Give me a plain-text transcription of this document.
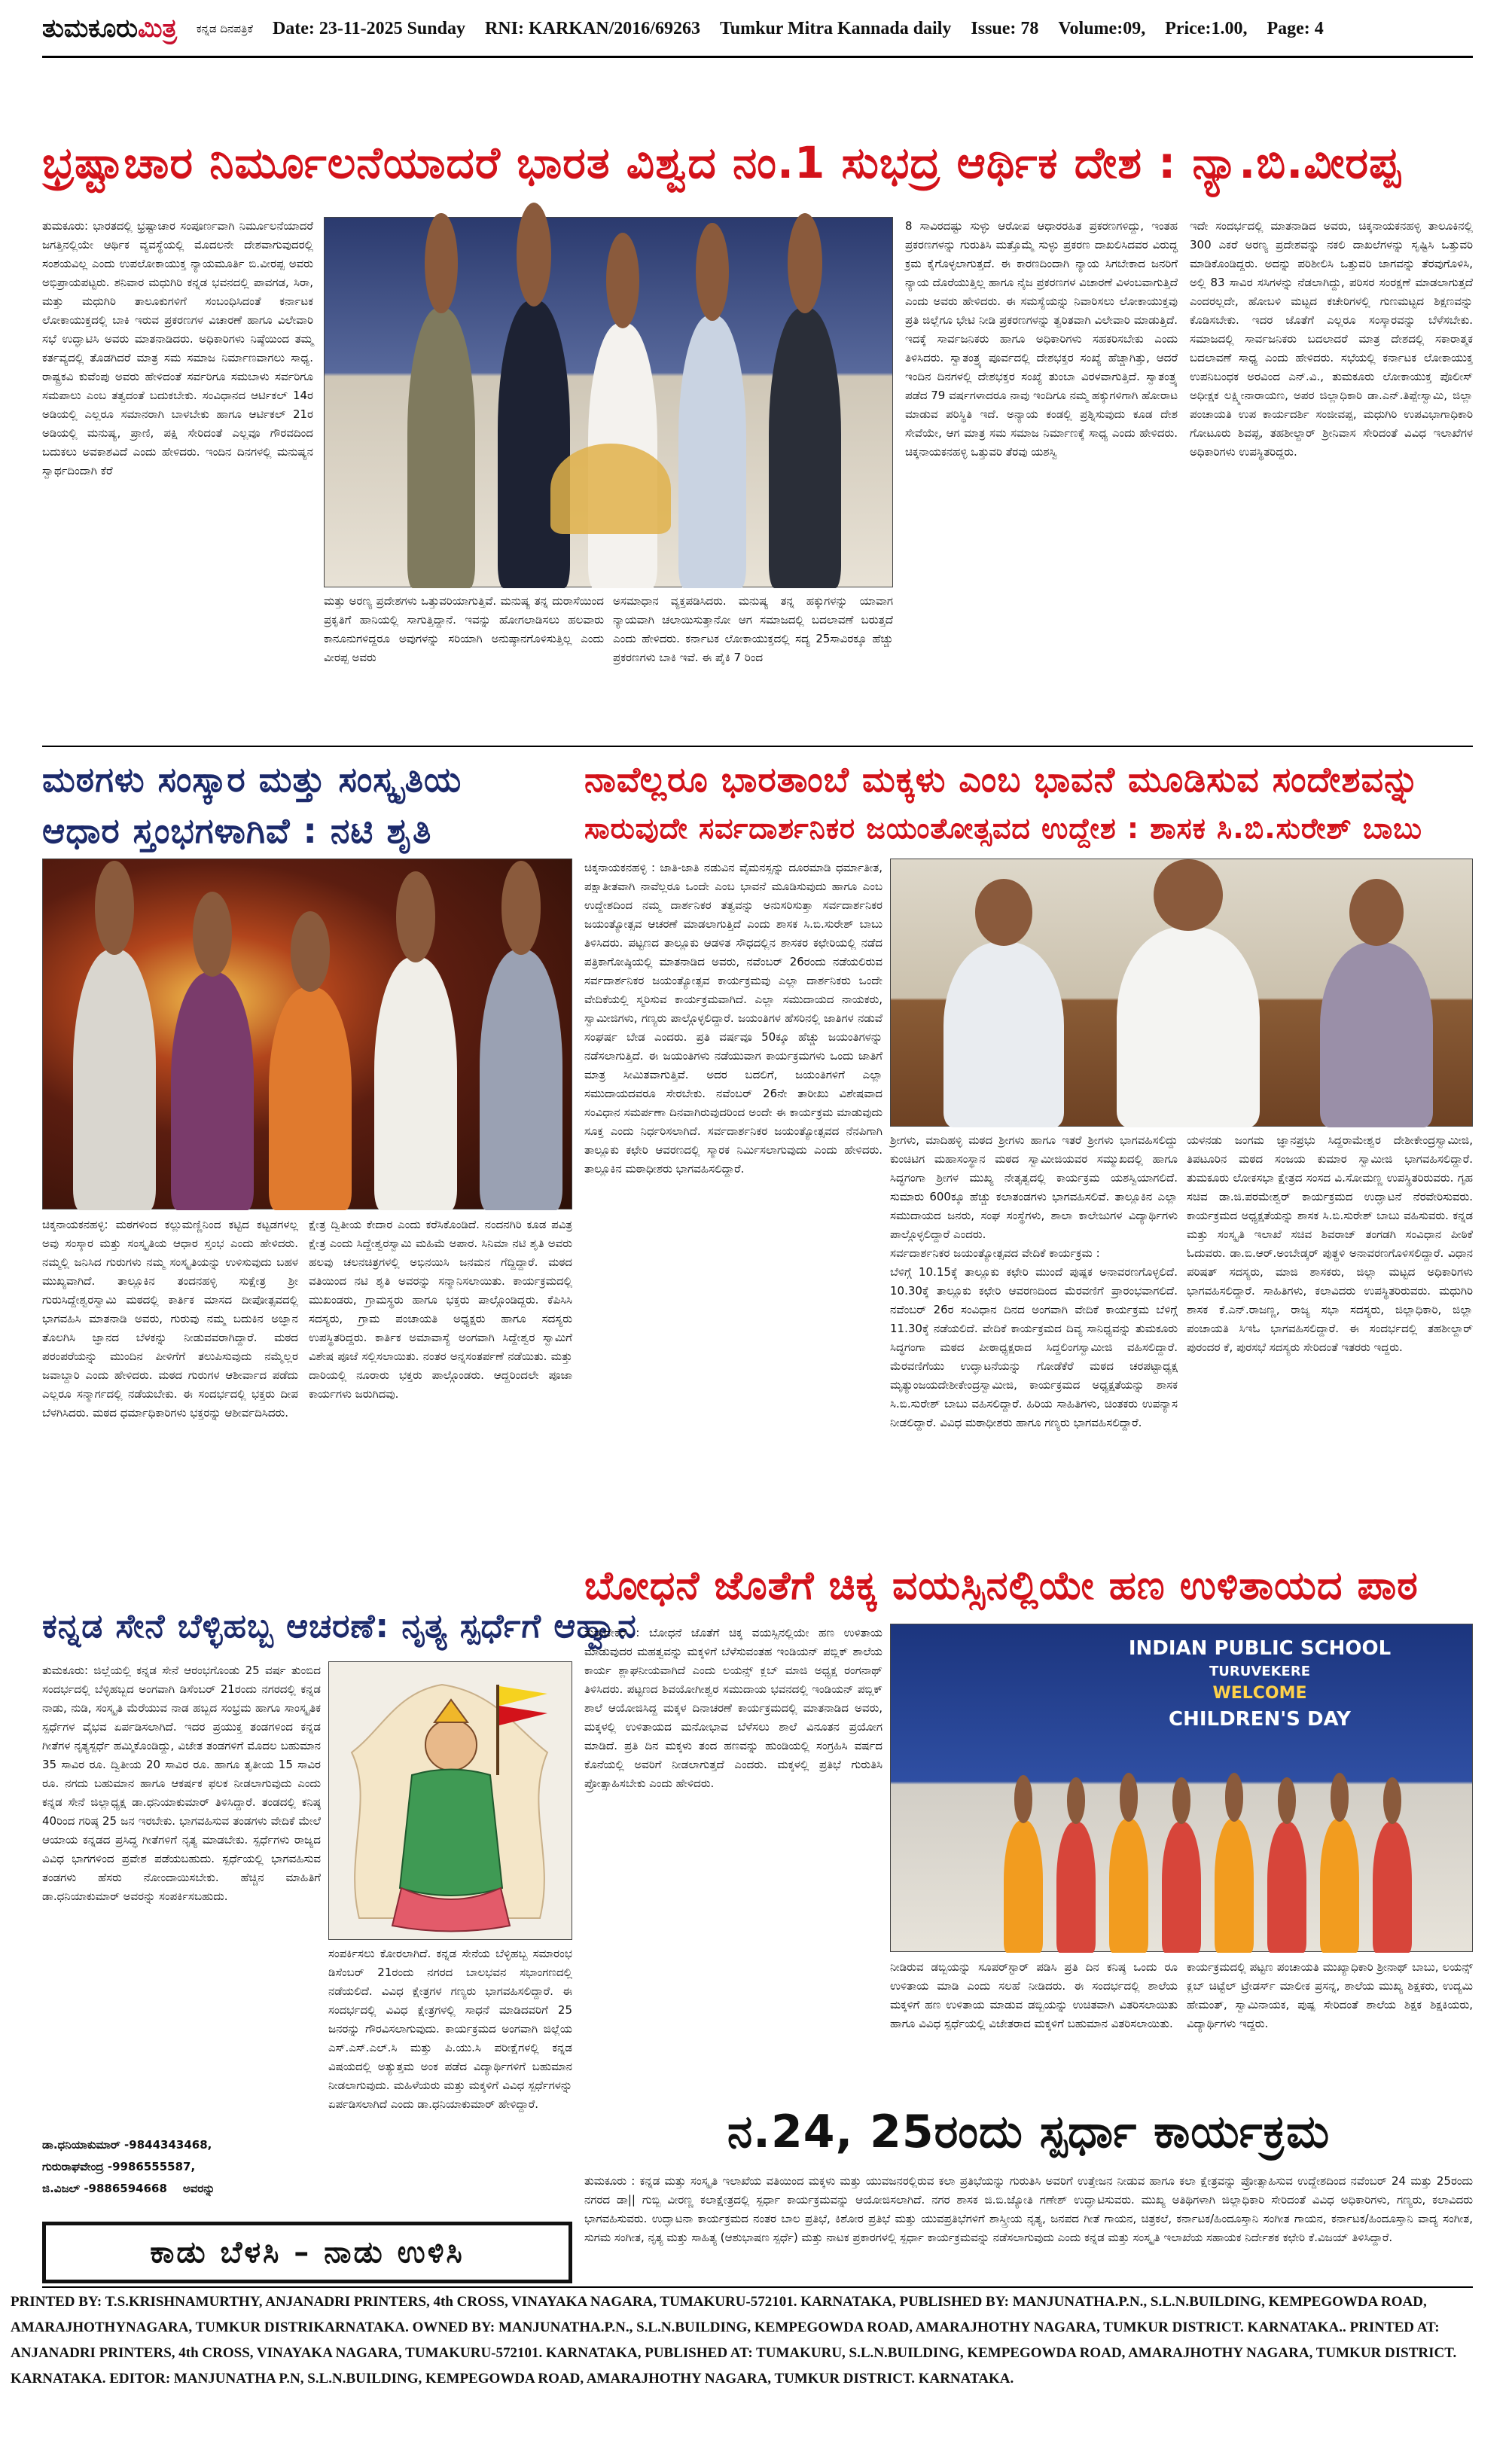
ತುಮಕೂರುಮಿತ್ರ ಕನ್ನಡ ದಿನಪತ್ರಿಕೆ Date: 23-11-2025 Sunday RNI: KARKAN/2016/69263 Tumkur Mitra Kannada daily Issue: 78 Volume:09, Price:1.00, Page: 4
ಭ್ರಷ್ಟಾಚಾರ ನಿರ್ಮೂಲನೆಯಾದರೆ ಭಾರತ ವಿಶ್ವದ ನಂ.1 ಸುಭದ್ರ ಆರ್ಥಿಕ ದೇಶ : ನ್ಯಾ.ಬಿ.ವೀರಪ್ಪ
ತುಮಕೂರು: ಭಾರತದಲ್ಲಿ ಭ್ರಷ್ಟಾಚಾರ ಸಂಪೂರ್ಣವಾಗಿ ನಿರ್ಮೂಲನೆಯಾದರೆ ಜಗತ್ತಿನಲ್ಲಿಯೇ ಆರ್ಥಿಕ ವ್ಯವಸ್ಥೆಯಲ್ಲಿ ಮೊದಲನೇ ದೇಶವಾಗುವುದರಲ್ಲಿ ಸಂಶಯವಿಲ್ಲ ಎಂದು ಉಪಲೋಕಾಯುಕ್ತ ನ್ಯಾಯಮೂರ್ತಿ ಬಿ.ವೀರಪ್ಪ ಅವರು ಅಭಿಪ್ರಾಯಪಟ್ಟರು. ಶನಿವಾರ ಮಧುಗಿರಿ ಕನ್ನಡ ಭವನದಲ್ಲಿ ಪಾವಗಡ, ಸಿರಾ, ಮತ್ತು ಮಧುಗಿರಿ ತಾಲೂಕುಗಳಿಗೆ ಸಂಬಂಧಿಸಿದಂತೆ ಕರ್ನಾಟಕ ಲೋಕಾಯುಕ್ತದಲ್ಲಿ ಬಾಕಿ ಇರುವ ಪ್ರಕರಣಗಳ ವಿಚಾರಣೆ ಹಾಗೂ ವಿಲೇವಾರಿ ಸಭೆ ಉದ್ಘಾಟಿಸಿ ಅವರು ಮಾತನಾಡಿದರು. ಅಧಿಕಾರಿಗಳು ನಿಷ್ಠೆಯಿಂದ ತಮ್ಮ ಕರ್ತವ್ಯದಲ್ಲಿ ತೊಡಗಿದರೆ ಮಾತ್ರ ಸಮ ಸಮಾಜ ನಿರ್ಮಾಣವಾಗಲು ಸಾಧ್ಯ. ರಾಷ್ಟ್ರಕವಿ ಕುವೆಂಪು ಅವರು ಹೇಳಿದಂತೆ ಸರ್ವರಿಗೂ ಸಮಬಾಳು ಸರ್ವರಿಗೂ ಸಮಪಾಲು ಎಂಬ ತತ್ವದಂತೆ ಬದುಕಬೇಕು. ಸಂವಿಧಾನದ ಆರ್ಟಿಕಲ್ 14ರ ಅಡಿಯಲ್ಲಿ ಎಲ್ಲರೂ ಸಮಾನರಾಗಿ ಬಾಳಬೇಕು ಹಾಗೂ ಆರ್ಟಿಕಲ್ 21ರ ಅಡಿಯಲ್ಲಿ ಮನುಷ್ಯ, ಪ್ರಾಣಿ, ಪಕ್ಷಿ ಸೇರಿದಂತೆ ಎಲ್ಲವೂ ಗೌರವದಿಂದ ಬದುಕಲು ಅವಕಾಶವಿದೆ ಎಂದು ಹೇಳಿದರು. ಇಂದಿನ ದಿನಗಳಲ್ಲಿ ಮನುಷ್ಯನ ಸ್ವಾರ್ಥದಿಂದಾಗಿ ಕೆರೆ
ಮತ್ತು ಅರಣ್ಯ ಪ್ರದೇಶಗಳು ಒತ್ತುವರಿಯಾಗುತ್ತಿವೆ. ಮನುಷ್ಯ ತನ್ನ ದುರಾಸೆಯಿಂದ ಪ್ರಕೃತಿಗೆ ಹಾನಿಯಲ್ಲಿ ಸಾಗುತ್ತಿದ್ದಾನೆ. ಇವನ್ನು ಹೋಗಲಾಡಿಸಲು ಹಲವಾರು ಕಾನೂನುಗಳಿದ್ದರೂ ಅವುಗಳನ್ನು ಸರಿಯಾಗಿ ಅನುಷ್ಠಾನಗೊಳಿಸುತ್ತಿಲ್ಲ ಎಂದು ವೀರಪ್ಪ ಅವರು
ಅಸಮಾಧಾನ ವ್ಯಕ್ತಪಡಿಸಿದರು. ಮನುಷ್ಯ ತನ್ನ ಹಕ್ಕುಗಳನ್ನು ಯಾವಾಗ ನ್ಯಾಯವಾಗಿ ಚಲಾಯಿಸುತ್ತಾನೋ ಆಗ ಸಮಾಜದಲ್ಲಿ ಬದಲಾವಣೆ ಬರುತ್ತದೆ ಎಂದು ಹೇಳಿದರು. ಕರ್ನಾಟಕ ಲೋಕಾಯುಕ್ತದಲ್ಲಿ ಸದ್ಯ 25ಸಾವಿರಕ್ಕೂ ಹೆಚ್ಚು ಪ್ರಕರಣಗಳು ಬಾಕಿ ಇವೆ. ಈ ಪೈಕಿ 7 ರಿಂದ
8 ಸಾವಿರದಷ್ಟು ಸುಳ್ಳು ಆರೋಪ ಆಧಾರರಹಿತ ಪ್ರಕರಣಗಳಿದ್ದು, ಇಂತಹ ಪ್ರಕರಣಗಳನ್ನು ಗುರುತಿಸಿ ಮತ್ತೊಮ್ಮೆ ಸುಳ್ಳು ಪ್ರಕರಣ ದಾಖಲಿಸಿದವರ ವಿರುದ್ಧ ಕ್ರಮ ಕೈಗೊಳ್ಳಲಾಗುತ್ತದೆ. ಈ ಕಾರಣದಿಂದಾಗಿ ನ್ಯಾಯ ಸಿಗಬೇಕಾದ ಜನರಿಗೆ ನ್ಯಾಯ ದೊರೆಯುತ್ತಿಲ್ಲ ಹಾಗೂ ನೈಜ ಪ್ರಕರಣಗಳ ವಿಚಾರಣೆ ವಿಳಂಬವಾಗುತ್ತಿದೆ ಎಂದು ಅವರು ಹೇಳಿದರು. ಈ ಸಮಸ್ಯೆಯನ್ನು ನಿವಾರಿಸಲು ಲೋಕಾಯುಕ್ತವು ಪ್ರತಿ ಜಿಲ್ಲೆಗೂ ಭೇಟಿ ನೀಡಿ ಪ್ರಕರಣಗಳನ್ನು ತ್ವರಿತವಾಗಿ ವಿಲೇವಾರಿ ಮಾಡುತ್ತಿದೆ. ಇದಕ್ಕೆ ಸಾರ್ವಜನಿಕರು ಹಾಗೂ ಅಧಿಕಾರಿಗಳು ಸಹಕರಿಸಬೇಕು ಎಂದು ತಿಳಿಸಿದರು. ಸ್ವಾತಂತ್ರ್ಯ ಪೂರ್ವದಲ್ಲಿ ದೇಶಭಕ್ತರ ಸಂಖ್ಯೆ ಹೆಚ್ಚಾಗಿತ್ತು, ಆದರೆ ಇಂದಿನ ದಿನಗಳಲ್ಲಿ ದೇಶಭಕ್ತರ ಸಂಖ್ಯೆ ತುಂಬಾ ವಿರಳವಾಗುತ್ತಿದೆ. ಸ್ವಾತಂತ್ರ್ಯ ಪಡೆದ 79 ವರ್ಷಗಳಾದರೂ ನಾವು ಇಂದಿಗೂ ನಮ್ಮ ಹಕ್ಕುಗಳಿಗಾಗಿ ಹೋರಾಟ ಮಾಡುವ ಪರಿಸ್ಥಿತಿ ಇದೆ. ಅನ್ಯಾಯ ಕಂಡಲ್ಲಿ ಪ್ರಶ್ನಿಸುವುದು ಕೂಡ ದೇಶ ಸೇವೆಯೇ, ಆಗ ಮಾತ್ರ ಸಮ ಸಮಾಜ ನಿರ್ಮಾಣಕ್ಕೆ ಸಾಧ್ಯ ಎಂದು ಹೇಳಿದರು. ಚಿಕ್ಕನಾಯಕನಹಳ್ಳಿ ಒತ್ತುವರಿ ತೆರವು ಯಶಸ್ವಿ
ಇದೇ ಸಂದರ್ಭದಲ್ಲಿ ಮಾತನಾಡಿದ ಅವರು, ಚಿಕ್ಕನಾಯಕನಹಳ್ಳಿ ತಾಲೂಕಿನಲ್ಲಿ 300 ಎಕರೆ ಅರಣ್ಯ ಪ್ರದೇಶವನ್ನು ನಕಲಿ ದಾಖಲೆಗಳನ್ನು ಸೃಷ್ಟಿಸಿ ಒತ್ತುವರಿ ಮಾಡಿಕೊಂಡಿದ್ದರು. ಅದನ್ನು ಪರಿಶೀಲಿಸಿ ಒತ್ತುವರಿ ಜಾಗವನ್ನು ತೆರವುಗೊಳಿಸಿ, ಅಲ್ಲಿ 83 ಸಾವಿರ ಸಸಿಗಳನ್ನು ನೆಡಲಾಗಿದ್ದು, ಪರಿಸರ ಸಂರಕ್ಷಣೆ ಮಾಡಲಾಗುತ್ತದೆ ಎಂದರಲ್ಲದೇ, ಹೋಬಳಿ ಮಟ್ಟದ ಕಚೇರಿಗಳಲ್ಲಿ ಗುಣಮಟ್ಟದ ಶಿಕ್ಷಣವನ್ನು ಕೊಡಿಸಬೇಕು. ಇದರ ಜೊತೆಗೆ ಎಲ್ಲರೂ ಸಂಸ್ಕಾರವನ್ನು ಬೆಳೆಸಬೇಕು. ಸಮಾಜದಲ್ಲಿ ಸಾರ್ವಜನಿಕರು ಬದಲಾದರೆ ಮಾತ್ರ ದೇಶದಲ್ಲಿ ಸಕಾರಾತ್ಮಕ ಬದಲಾವಣೆ ಸಾಧ್ಯ ಎಂದು ಹೇಳಿದರು. ಸಭೆಯಲ್ಲಿ ಕರ್ನಾಟಕ ಲೋಕಾಯುಕ್ತ ಉಪನಿಬಂಧಕ ಅರವಿಂದ ಎನ್.ವಿ., ತುಮಕೂರು ಲೋಕಾಯುಕ್ತ ಪೊಲೀಸ್ ಅಧೀಕ್ಷಕ ಲಕ್ಷ್ಮೀನಾರಾಯಣ, ಅಪರ ಜಿಲ್ಲಾಧಿಕಾರಿ ಡಾ.ಎನ್.ತಿಪ್ಪೇಸ್ವಾಮಿ, ಜಿಲ್ಲಾ ಪಂಚಾಯತಿ ಉಪ ಕಾರ್ಯದರ್ಶಿ ಸಂಜೀವಪ್ಪ, ಮಧುಗಿರಿ ಉಪವಿಭಾಗಾಧಿಕಾರಿ ಗೋಟೂರು ಶಿವಪ್ಪ, ತಹಶೀಲ್ದಾರ್ ಶ್ರೀನಿವಾಸ ಸೇರಿದಂತೆ ವಿವಿಧ ಇಲಾಖೆಗಳ ಅಧಿಕಾರಿಗಳು ಉಪಸ್ಥಿತರಿದ್ದರು.
ಮಠಗಳು ಸಂಸ್ಕಾರ ಮತ್ತು ಸಂಸ್ಕೃತಿಯ
ಆಧಾರ ಸ್ತಂಭಗಳಾಗಿವೆ : ನಟಿ ಶೃತಿ
ಚಿಕ್ಕನಾಯಕನಹಳ್ಳಿ: ಮಠಗಳಿಂದ ಕಲ್ಲುಮಣ್ಣಿನಿಂದ ಕಟ್ಟಿದ ಕಟ್ಟಡಗಳಲ್ಲ ಅವು ಸಂಸ್ಕಾರ ಮತ್ತು ಸಂಸ್ಕೃತಿಯ ಆಧಾರ ಸ್ತಂಭ ಎಂದು ಹೇಳಿದರು. ನಮ್ಮಲ್ಲಿ ಜನಿಸಿದ ಗುರುಗಳು ನಮ್ಮ ಸಂಸ್ಕೃತಿಯನ್ನು ಉಳಿಸುವುದು ಬಹಳ ಮುಖ್ಯವಾಗಿದೆ. ತಾಲ್ಲೂಕಿನ ತಂದನಹಳ್ಳಿ ಸುಕ್ಷೇತ್ರ ಶ್ರೀ ಗುರುಸಿದ್ದೇಶ್ವರಸ್ವಾಮಿ ಮಠದಲ್ಲಿ ಕಾರ್ತಿಕ ಮಾಸದ ದೀಪೋತ್ಸವದಲ್ಲಿ ಭಾಗವಹಿಸಿ ಮಾತನಾಡಿ ಅವರು, ಗುರುವು ನಮ್ಮ ಬದುಕಿನ ಅಜ್ಞಾನ ತೊಲಗಿಸಿ ಜ್ಞಾನದ ಬೆಳಕನ್ನು ನೀಡುವವರಾಗಿದ್ದಾರೆ. ಮಠದ ಪರಂಪರೆಯನ್ನು ಮುಂದಿನ ಪೀಳಿಗೆಗೆ ತಲುಪಿಸುವುದು ನಮ್ಮೆಲ್ಲರ ಜವಾಬ್ದಾರಿ ಎಂದು ಹೇಳಿದರು. ಮಠದ ಗುರುಗಳ ಆಶೀರ್ವಾದ ಪಡೆದು ಎಲ್ಲರೂ ಸನ್ಮಾರ್ಗದಲ್ಲಿ ನಡೆಯಬೇಕು. ಈ ಸಂದರ್ಭದಲ್ಲಿ ಭಕ್ತರು ದೀಪ ಬೆಳಗಿಸಿದರು. ಮಠದ ಧರ್ಮಾಧಿಕಾರಿಗಳು ಭಕ್ತರನ್ನು ಆಶೀರ್ವದಿಸಿದರು.
ಕ್ಷೇತ್ರ ದ್ವಿತೀಯ ಕೇದಾರ ಎಂದು ಕರೆಸಿಕೊಂಡಿದೆ. ನಂದನಗಿರಿ ಕೂಡ ಪವಿತ್ರ ಕ್ಷೇತ್ರ ಎಂದು ಸಿದ್ದೇಶ್ವರಸ್ವಾಮಿ ಮಹಿಮೆ ಅಪಾರ. ಸಿನಿಮಾ ನಟಿ ಶೃತಿ ಅವರು ಹಲವು ಚಲನಚಿತ್ರಗಳಲ್ಲಿ ಅಭಿನಯಿಸಿ ಜನಮನ ಗೆದ್ದಿದ್ದಾರೆ. ಮಠದ ವತಿಯಿಂದ ನಟಿ ಶೃತಿ ಅವರನ್ನು ಸನ್ಮಾನಿಸಲಾಯಿತು. ಕಾರ್ಯಕ್ರಮದಲ್ಲಿ ಮುಖಂಡರು, ಗ್ರಾಮಸ್ಥರು ಹಾಗೂ ಭಕ್ತರು ಪಾಲ್ಗೊಂಡಿದ್ದರು. ಕೆಪಿಸಿಸಿ ಸದಸ್ಯರು, ಗ್ರಾಮ ಪಂಚಾಯತಿ ಅಧ್ಯಕ್ಷರು ಹಾಗೂ ಸದಸ್ಯರು ಉಪಸ್ಥಿತರಿದ್ದರು. ಕಾರ್ತಿಕ ಅಮಾವಾಸ್ಯೆ ಅಂಗವಾಗಿ ಸಿದ್ದೇಶ್ವರ ಸ್ವಾಮಿಗೆ ವಿಶೇಷ ಪೂಜೆ ಸಲ್ಲಿಸಲಾಯಿತು. ನಂತರ ಅನ್ನಸಂತರ್ಪಣೆ ನಡೆಯಿತು. ಮತ್ತು ದಾರಿಯಲ್ಲಿ ನೂರಾರು ಭಕ್ತರು ಪಾಲ್ಗೊಂಡರು. ಆದ್ದರಿಂದಲೇ ಪೂಜಾ ಕಾರ್ಯಗಳು ಜರುಗಿದವು.
ಕನ್ನಡ ಸೇನೆ ಬೆಳ್ಳಿಹಬ್ಬ ಆಚರಣೆ: ನೃತ್ಯ ಸ್ಪರ್ಧೆಗೆ ಆಹ್ವಾನ
ತುಮಕೂರು: ಜಿಲ್ಲೆಯಲ್ಲಿ ಕನ್ನಡ ಸೇನೆ ಆರಂಭಗೊಂಡು 25 ವರ್ಷ ತುಂಬಿದ ಸಂದರ್ಭದಲ್ಲಿ ಬೆಳ್ಳಿಹಬ್ಬದ ಅಂಗವಾಗಿ ಡಿಸೆಂಬರ್ 21ರಂದು ನಗರದಲ್ಲಿ ಕನ್ನಡ ನಾಡು, ನುಡಿ, ಸಂಸ್ಕೃತಿ ಮೆರೆಯುವ ನಾಡ ಹಬ್ಬದ ಸಂಭ್ರಮ ಹಾಗೂ ಸಾಂಸ್ಕೃತಿಕ ಸ್ಪರ್ಧೆಗಳ ವೈಭವ ಏರ್ಪಡಿಸಲಾಗಿದೆ. ಇದರ ಪ್ರಯುಕ್ತ ತಂಡಗಳಿಂದ ಕನ್ನಡ ಗೀತೆಗಳ ನೃತ್ಯಸ್ಪರ್ಧೆ ಹಮ್ಮಿಕೊಂಡಿದ್ದು, ವಿಜೇತ ತಂಡಗಳಿಗೆ ಮೊದಲ ಬಹುಮಾನ 35 ಸಾವಿರ ರೂ. ದ್ವಿತೀಯ 20 ಸಾವಿರ ರೂ. ಹಾಗೂ ತೃತೀಯ 15 ಸಾವಿರ ರೂ. ನಗದು ಬಹುಮಾನ ಹಾಗೂ ಆಕರ್ಷಕ ಫಲಕ ನೀಡಲಾಗುವುದು ಎಂದು ಕನ್ನಡ ಸೇನೆ ಜಿಲ್ಲಾಧ್ಯಕ್ಷ ಡಾ.ಧನಿಯಾಕುಮಾರ್ ತಿಳಿಸಿದ್ದಾರೆ. ತಂಡದಲ್ಲಿ ಕನಿಷ್ಠ 40ರಿಂದ ಗರಿಷ್ಠ 25 ಜನ ಇರಬೇಕು. ಭಾಗವಹಿಸುವ ತಂಡಗಳು ವೇದಿಕೆ ಮೇಲೆ ಆಯಾಯ ಕನ್ನಡದ ಪ್ರಸಿದ್ಧ ಗೀತೆಗಳಿಗೆ ನೃತ್ಯ ಮಾಡಬೇಕು. ಸ್ಪರ್ಧೆಗಳು ರಾಜ್ಯದ ವಿವಿಧ ಭಾಗಗಳಿಂದ ಪ್ರವೇಶ ಪಡೆಯಬಹುದು. ಸ್ಪರ್ಧೆಯಲ್ಲಿ ಭಾಗವಹಿಸುವ ತಂಡಗಳು ಹೆಸರು ನೋಂದಾಯಿಸಬೇಕು. ಹೆಚ್ಚಿನ ಮಾಹಿತಿಗೆ ಡಾ.ಧನಿಯಾಕುಮಾರ್ ಅವರನ್ನು ಸಂಪರ್ಕಿಸಬಹುದು.
ಡಾ.ಧನಿಯಾಕುಮಾರ್ -9844343468,
ಗುರುರಾಘವೇಂದ್ರ -9986555587,
ಜಿ.ವಿಜಲ್ -9886594668 ಅವರನ್ನು
ಸಂಪರ್ಕಿಸಲು ಕೋರಲಾಗಿದೆ. ಕನ್ನಡ ಸೇನೆಯ ಬೆಳ್ಳಿಹಬ್ಬ ಸಮಾರಂಭ ಡಿಸೆಂಬರ್ 21ರಂದು ನಗರದ ಬಾಲಭವನ ಸಭಾಂಗಣದಲ್ಲಿ ನಡೆಯಲಿದೆ. ವಿವಿಧ ಕ್ಷೇತ್ರಗಳ ಗಣ್ಯರು ಭಾಗವಹಿಸಲಿದ್ದಾರೆ. ಈ ಸಂದರ್ಭದಲ್ಲಿ ವಿವಿಧ ಕ್ಷೇತ್ರಗಳಲ್ಲಿ ಸಾಧನೆ ಮಾಡಿದವರಿಗೆ 25 ಜನರನ್ನು ಗೌರವಿಸಲಾಗುವುದು. ಕಾರ್ಯಕ್ರಮದ ಅಂಗವಾಗಿ ಜಿಲ್ಲೆಯ ಎಸ್.ಎಸ್.ಎಲ್.ಸಿ ಮತ್ತು ಪಿ.ಯು.ಸಿ ಪರೀಕ್ಷೆಗಳಲ್ಲಿ ಕನ್ನಡ ವಿಷಯದಲ್ಲಿ ಅತ್ಯುತ್ತಮ ಅಂಕ ಪಡೆದ ವಿದ್ಯಾರ್ಥಿಗಳಿಗೆ ಬಹುಮಾನ ನೀಡಲಾಗುವುದು. ಮಹಿಳೆಯರು ಮತ್ತು ಮಕ್ಕಳಿಗೆ ವಿವಿಧ ಸ್ಪರ್ಧೆಗಳನ್ನು ಏರ್ಪಡಿಸಲಾಗಿದೆ ಎಂದು ಡಾ.ಧನಿಯಾಕುಮಾರ್ ಹೇಳಿದ್ದಾರೆ.
ಕಾಡು ಬೆಳಸಿ – ನಾಡು ಉಳಿಸಿ
ನಾವೆಲ್ಲರೂ ಭಾರತಾಂಬೆ ಮಕ್ಕಳು ಎಂಬ ಭಾವನೆ ಮೂಡಿಸುವ ಸಂದೇಶವನ್ನು
ಸಾರುವುದೇ ಸರ್ವದಾರ್ಶನಿಕರ ಜಯಂತೋತ್ಸವದ ಉದ್ದೇಶ : ಶಾಸಕ ಸಿ.ಬಿ.ಸುರೇಶ್ ಬಾಬು
ಚಿಕ್ಕನಾಯಕನಹಳ್ಳಿ : ಜಾತಿ-ಜಾತಿ ನಡುವಿನ ವೈಮನಸ್ಸನ್ನು ದೂರಮಾಡಿ ಧರ್ಮಾತೀತ, ಪಕ್ಷಾತೀತವಾಗಿ ನಾವೆಲ್ಲರೂ ಒಂದೇ ಎಂಬ ಭಾವನೆ ಮೂಡಿಸುವುದು ಹಾಗೂ ಎಂಬ ಉದ್ದೇಶದಿಂದ ನಮ್ಮ ದಾರ್ಶನಿಕರ ತತ್ವವನ್ನು ಅನುಸರಿಸುತ್ತಾ ಸರ್ವದಾರ್ಶನಿಕರ ಜಯಂತ್ಯೋತ್ಸವ ಆಚರಣೆ ಮಾಡಲಾಗುತ್ತಿದೆ ಎಂದು ಶಾಸಕ ಸಿ.ಬಿ.ಸುರೇಶ್ ಬಾಬು ತಿಳಿಸಿದರು. ಪಟ್ಟಣದ ತಾಲ್ಲೂಕು ಆಡಳಿತ ಸೌಧದಲ್ಲಿನ ಶಾಸಕರ ಕಛೇರಿಯಲ್ಲಿ ನಡೆದ ಪತ್ರಿಕಾಗೋಷ್ಠಿಯಲ್ಲಿ ಮಾತನಾಡಿದ ಅವರು, ನವೆಂಬರ್ 26ರಂದು ನಡೆಯಲಿರುವ ಸರ್ವದಾರ್ಶನಿಕರ ಜಯಂತ್ಯೋತ್ಸವ ಕಾರ್ಯಕ್ರಮವು ಎಲ್ಲಾ ದಾರ್ಶನಿಕರು ಒಂದೇ ವೇದಿಕೆಯಲ್ಲಿ ಸ್ಮರಿಸುವ ಕಾರ್ಯಕ್ರಮವಾಗಿದೆ. ಎಲ್ಲಾ ಸಮುದಾಯದ ನಾಯಕರು, ಸ್ವಾಮೀಜಿಗಳು, ಗಣ್ಯರು ಪಾಲ್ಗೊಳ್ಳಲಿದ್ದಾರೆ. ಜಯಂತಿಗಳ ಹೆಸರಿನಲ್ಲಿ ಜಾತಿಗಳ ನಡುವೆ ಸಂಘರ್ಷ ಬೇಡ ಎಂದರು. ಪ್ರತಿ ವರ್ಷವೂ 50ಕ್ಕೂ ಹೆಚ್ಚು ಜಯಂತಿಗಳನ್ನು ನಡೆಸಲಾಗುತ್ತಿದೆ. ಈ ಜಯಂತಿಗಳು ನಡೆಯುವಾಗ ಕಾರ್ಯಕ್ರಮಗಳು ಒಂದು ಜಾತಿಗೆ ಮಾತ್ರ ಸೀಮಿತವಾಗುತ್ತಿವೆ. ಅದರ ಬದಲಿಗೆ, ಜಯಂತಿಗಳಿಗೆ ಎಲ್ಲಾ ಸಮುದಾಯದವರೂ ಸೇರಬೇಕು. ನವೆಂಬರ್ 26ನೇ ತಾರೀಖು ವಿಶೇಷವಾದ ಸಂವಿಧಾನ ಸಮರ್ಪಣಾ ದಿನವಾಗಿರುವುದರಿಂದ ಅಂದೇ ಈ ಕಾರ್ಯಕ್ರಮ ಮಾಡುವುದು ಸೂಕ್ತ ಎಂದು ನಿರ್ಧರಿಸಲಾಗಿದೆ. ಸರ್ವದಾರ್ಶನಿಕರ ಜಯಂತ್ಯೋತ್ಸವದ ನೆನಪಿಗಾಗಿ ತಾಲ್ಲೂಕು ಕಛೇರಿ ಆವರಣದಲ್ಲಿ ಸ್ಮಾರಕ ನಿರ್ಮಿಸಲಾಗುವುದು ಎಂದು ಹೇಳಿದರು. ತಾಲ್ಲೂಕಿನ ಮಠಾಧೀಶರು ಭಾಗವಹಿಸಲಿದ್ದಾರೆ.
ಶ್ರೀಗಳು, ಮಾದಿಹಳ್ಳಿ ಮಠದ ಶ್ರೀಗಳು ಹಾಗೂ ಇತರೆ ಶ್ರೀಗಳು ಭಾಗವಹಿಸಲಿದ್ದು ಕುಂಚಿಟಿಗ ಮಹಾಸಂಸ್ಥಾನ ಮಠದ ಸ್ವಾಮೀಜಿಯವರ ಸಮ್ಮುಖದಲ್ಲಿ ಹಾಗೂ ಸಿದ್ಧಗಂಗಾ ಶ್ರೀಗಳ ಮುಖ್ಯ ನೇತೃತ್ವದಲ್ಲಿ ಕಾರ್ಯಕ್ರಮ ಯಶಸ್ವಿಯಾಗಲಿದೆ. ಸುಮಾರು 600ಕ್ಕೂ ಹೆಚ್ಚು ಕಲಾತಂಡಗಳು ಭಾಗವಹಿಸಲಿವೆ. ತಾಲ್ಲೂಕಿನ ಎಲ್ಲಾ ಸಮುದಾಯದ ಜನರು, ಸಂಘ ಸಂಸ್ಥೆಗಳು, ಶಾಲಾ ಕಾಲೇಜುಗಳ ವಿದ್ಯಾರ್ಥಿಗಳು ಪಾಲ್ಗೊಳ್ಳಲಿದ್ದಾರೆ ಎಂದರು.
ಸರ್ವದಾರ್ಶನಿಕರ ಜಯಂತ್ಯೋತ್ಸವದ ವೇದಿಕೆ ಕಾರ್ಯಕ್ರಮ :
ಬೆಳಿಗ್ಗೆ 10.15ಕ್ಕೆ ತಾಲ್ಲೂಕು ಕಛೇರಿ ಮುಂದೆ ಪುಷ್ಪಕ ಅನಾವರಣಗೊಳ್ಳಲಿದೆ. 10.30ಕ್ಕೆ ತಾಲ್ಲೂಕು ಕಛೇರಿ ಆವರಣದಿಂದ ಮೆರವಣಿಗೆ ಪ್ರಾರಂಭವಾಗಲಿದೆ. ನವೆಂಬರ್ 26ರ ಸಂವಿಧಾನ ದಿನದ ಅಂಗವಾಗಿ ವೇದಿಕೆ ಕಾರ್ಯಕ್ರಮ ಬೆಳಿಗ್ಗೆ 11.30ಕ್ಕೆ ನಡೆಯಲಿದೆ. ವೇದಿಕೆ ಕಾರ್ಯಕ್ರಮದ ದಿವ್ಯ ಸಾನಿಧ್ಯವನ್ನು ತುಮಕೂರು ಸಿದ್ಧಗಂಗಾ ಮಠದ ಪೀಠಾಧ್ಯಕ್ಷರಾದ ಸಿದ್ದಲಿಂಗಸ್ವಾಮೀಜಿ ವಹಿಸಲಿದ್ದಾರೆ. ಮೆರವಣಿಗೆಯು ಉದ್ಘಾಟನೆಯನ್ನು ಗೋಡೆಕೆರೆ ಮಠದ ಚರಪಟ್ಟಾಧ್ಯಕ್ಷ ಮೃತ್ಯುಂಜಯದೇಶೀಕೇಂದ್ರಸ್ವಾಮೀಜಿ, ಕಾರ್ಯಕ್ರಮದ ಅಧ್ಯಕ್ಷತೆಯನ್ನು ಶಾಸಕ ಸಿ.ಬಿ.ಸುರೇಶ್ ಬಾಬು ವಹಿಸಲಿದ್ದಾರೆ. ಹಿರಿಯ ಸಾಹಿತಿಗಳು, ಚಿಂತಕರು ಉಪನ್ಯಾಸ ನೀಡಲಿದ್ದಾರೆ. ವಿವಿಧ ಮಠಾಧೀಶರು ಹಾಗೂ ಗಣ್ಯರು ಭಾಗವಹಿಸಲಿದ್ದಾರೆ.
ಯಳನಡು ಜಂಗಮ ಜ್ಞಾನಪ್ರಭು ಸಿದ್ದರಾಮೇಶ್ವರ ದೇಶೀಕೇಂದ್ರಸ್ವಾಮೀಜಿ, ತಿಪಟೂರಿನ ಮಠದ ಸಂಜಯ ಕುಮಾರ ಸ್ವಾಮೀಜಿ ಭಾಗವಹಿಸಲಿದ್ದಾರೆ. ತುಮಕೂರು ಲೋಕಸಭಾ ಕ್ಷೇತ್ರದ ಸಂಸದ ವಿ.ಸೋಮಣ್ಣ ಉಪಸ್ಥಿತರಿರುವರು. ಗೃಹ ಸಚಿವ ಡಾ.ಜಿ.ಪರಮೇಶ್ವರ್ ಕಾರ್ಯಕ್ರಮದ ಉದ್ಘಾಟನೆ ನೆರವೇರಿಸುವರು. ಕಾರ್ಯಕ್ರಮದ ಅಧ್ಯಕ್ಷತೆಯನ್ನು ಶಾಸಕ ಸಿ.ಬಿ.ಸುರೇಶ್ ಬಾಬು ವಹಿಸುವರು. ಕನ್ನಡ ಮತ್ತು ಸಂಸ್ಕೃತಿ ಇಲಾಖೆ ಸಚಿವ ಶಿವರಾಜ್ ತಂಗಡಗಿ ಸಂವಿಧಾನ ಪೀಠಿಕೆ ಓದುವರು. ಡಾ.ಬಿ.ಆರ್.ಅಂಬೇಡ್ಕರ್ ಪುತ್ಥಳಿ ಅನಾವರಣಗೊಳಿಸಲಿದ್ದಾರೆ. ವಿಧಾನ ಪರಿಷತ್ ಸದಸ್ಯರು, ಮಾಜಿ ಶಾಸಕರು, ಜಿಲ್ಲಾ ಮಟ್ಟದ ಅಧಿಕಾರಿಗಳು ಭಾಗವಹಿಸಲಿದ್ದಾರೆ. ಸಾಹಿತಿಗಳು, ಕಲಾವಿದರು ಉಪಸ್ಥಿತರಿರುವರು. ಮಧುಗಿರಿ ಶಾಸಕ ಕೆ.ಎನ್.ರಾಜಣ್ಣ, ರಾಜ್ಯ ಸಭಾ ಸದಸ್ಯರು, ಜಿಲ್ಲಾಧಿಕಾರಿ, ಜಿಲ್ಲಾ ಪಂಚಾಯತಿ ಸಿಇಓ ಭಾಗವಹಿಸಲಿದ್ದಾರೆ. ಈ ಸಂದರ್ಭದಲ್ಲಿ ತಹಶೀಲ್ದಾರ್ ಪುರಂದರ ಕೆ, ಪುರಸಭೆ ಸದಸ್ಯರು ಸೇರಿದಂತೆ ಇತರರು ಇದ್ದರು.
ಬೋಧನೆ ಜೊತೆಗೆ ಚಿಕ್ಕ ವಯಸ್ಸಿನಲ್ಲಿಯೇ ಹಣ ಉಳಿತಾಯದ ಪಾಠ
ತುರುವೇಕೆರೆ : ಬೋಧನೆ ಜೊತೆಗೆ ಚಿಕ್ಕ ವಯಸ್ಸಿನಲ್ಲಿಯೇ ಹಣ ಉಳಿತಾಯ ಮಾಡುವುದರ ಮಹತ್ವವನ್ನು ಮಕ್ಕಳಿಗೆ ಬೆಳೆಸುವಂತಹ ಇಂಡಿಯನ್ ಪಬ್ಲಿಕ್ ಶಾಲೆಯ ಕಾರ್ಯ ಶ್ಲಾಘನೀಯವಾಗಿದೆ ಎಂದು ಲಯನ್ಸ್ ಕ್ಲಬ್ ಮಾಜಿ ಅಧ್ಯಕ್ಷ ರಂಗನಾಥ್ ತಿಳಿಸಿದರು. ಪಟ್ಟಣದ ಶಿವಯೋಗೀಶ್ವರ ಸಮುದಾಯ ಭವನದಲ್ಲಿ ಇಂಡಿಯನ್ ಪಬ್ಲಿಕ್ ಶಾಲೆ ಆಯೋಜಿಸಿದ್ದ ಮಕ್ಕಳ ದಿನಾಚರಣೆ ಕಾರ್ಯಕ್ರಮದಲ್ಲಿ ಮಾತನಾಡಿದ ಅವರು, ಮಕ್ಕಳಲ್ಲಿ ಉಳಿತಾಯದ ಮನೋಭಾವ ಬೆಳೆಸಲು ಶಾಲೆ ವಿನೂತನ ಪ್ರಯೋಗ ಮಾಡಿದೆ. ಪ್ರತಿ ದಿನ ಮಕ್ಕಳು ತಂದ ಹಣವನ್ನು ಹುಂಡಿಯಲ್ಲಿ ಸಂಗ್ರಹಿಸಿ ವರ್ಷದ ಕೊನೆಯಲ್ಲಿ ಅವರಿಗೆ ನೀಡಲಾಗುತ್ತದೆ ಎಂದರು. ಮಕ್ಕಳಲ್ಲಿ ಪ್ರತಿಭೆ ಗುರುತಿಸಿ ಪ್ರೋತ್ಸಾಹಿಸಬೇಕು ಎಂದು ಹೇಳಿದರು.
INDIAN PUBLIC SCHOOL
TURUVEKERE
WELCOME
CHILDREN'S DAY
ನೀಡಿರುವ ಡಬ್ಬಿಯನ್ನು ಸೂಪರ್‌ಸ್ಟಾರ್ ಪಡಿಸಿ ಪ್ರತಿ ದಿನ ಕನಿಷ್ಠ ಒಂದು ರೂ ಉಳಿತಾಯ ಮಾಡಿ ಎಂದು ಸಲಹೆ ನೀಡಿದರು. ಈ ಸಂದರ್ಭದಲ್ಲಿ ಶಾಲೆಯ ಮಕ್ಕಳಿಗೆ ಹಣ ಉಳಿತಾಯ ಮಾಡುವ ಡಬ್ಬಿಯನ್ನು ಉಚಿತವಾಗಿ ವಿತರಿಸಲಾಯಿತು ಹಾಗೂ ವಿವಿಧ ಸ್ಪರ್ಧೆಯಲ್ಲಿ ವಿಜೇತರಾದ ಮಕ್ಕಳಿಗೆ ಬಹುಮಾನ ವಿತರಿಸಲಾಯಿತು.
ಕಾರ್ಯಕ್ರಮದಲ್ಲಿ ಪಟ್ಟಣ ಪಂಚಾಯತಿ ಮುಖ್ಯಾಧಿಕಾರಿ ಶ್ರೀನಾಥ್ ಬಾಬು, ಲಯನ್ಸ್ ಕ್ಲಬ್ ಚಿಟ್ಟೆಲ್ ಟ್ರೇಡರ್ಸ್ ಮಾಲೀಕ ಪ್ರಸನ್ನ, ಶಾಲೆಯ ಮುಖ್ಯ ಶಿಕ್ಷಕರು, ಉದ್ಯಮಿ ಹೇಮಂತ್, ಸ್ವಾಮಿನಾಯಕ, ಪುಷ್ಪ ಸೇರಿದಂತೆ ಶಾಲೆಯ ಶಿಕ್ಷಕ ಶಿಕ್ಷಕಿಯರು, ವಿದ್ಯಾರ್ಥಿಗಳು ಇದ್ದರು.
ನ.24, 25ರಂದು ಸ್ಪರ್ಧಾ ಕಾರ್ಯಕ್ರಮ
ತುಮಕೂರು : ಕನ್ನಡ ಮತ್ತು ಸಂಸ್ಕೃತಿ ಇಲಾಖೆಯ ವತಿಯಿಂದ ಮಕ್ಕಳು ಮತ್ತು ಯುವಜನರಲ್ಲಿರುವ ಕಲಾ ಪ್ರತಿಭೆಯನ್ನು ಗುರುತಿಸಿ ಅವರಿಗೆ ಉತ್ತೇಜನ ನೀಡುವ ಹಾಗೂ ಕಲಾ ಕ್ಷೇತ್ರವನ್ನು ಪ್ರೋತ್ಸಾಹಿಸುವ ಉದ್ದೇಶದಿಂದ ನವೆಂಬರ್ 24 ಮತ್ತು 25ರಂದು ನಗರದ ಡಾ|| ಗುಬ್ಬಿ ವೀರಣ್ಣ ಕಲಾಕ್ಷೇತ್ರದಲ್ಲಿ ಸ್ಪರ್ಧಾ ಕಾರ್ಯಕ್ರಮವನ್ನು ಆಯೋಜಿಸಲಾಗಿದೆ. ನಗರ ಶಾಸಕ ಜಿ.ಬಿ.ಜ್ಯೋತಿ ಗಣೇಶ್ ಉದ್ಘಾಟಿಸುವರು. ಮುಖ್ಯ ಅತಿಥಿಗಳಾಗಿ ಜಿಲ್ಲಾಧಿಕಾರಿ ಸೇರಿದಂತೆ ವಿವಿಧ ಅಧಿಕಾರಿಗಳು, ಗಣ್ಯರು, ಕಲಾವಿದರು ಭಾಗವಹಿಸುವರು. ಉದ್ಘಾಟನಾ ಕಾರ್ಯಕ್ರಮದ ನಂತರ ಬಾಲ ಪ್ರತಿಭೆ, ಕಿಶೋರ ಪ್ರತಿಭೆ ಮತ್ತು ಯುವಪ್ರತಿಭೆಗಳಿಗೆ ಶಾಸ್ತ್ರೀಯ ನೃತ್ಯ, ಜನಪದ ಗೀತೆ ಗಾಯನ, ಚಿತ್ರಕಲೆ, ಕರ್ನಾಟಕ/ಹಿಂದೂಸ್ತಾನಿ ಸಂಗೀತ ಗಾಯನ, ಕರ್ನಾಟಕ/ಹಿಂದೂಸ್ತಾನಿ ವಾದ್ಯ ಸಂಗೀತ, ಸುಗಮ ಸಂಗೀತ, ನೃತ್ಯ ಮತ್ತು ಸಾಹಿತ್ಯ (ಆಶುಭಾಷಣ ಸ್ಪರ್ಧೆ) ಮತ್ತು ನಾಟಕ ಪ್ರಕಾರಗಳಲ್ಲಿ ಸ್ಪರ್ಧಾ ಕಾರ್ಯಕ್ರಮವನ್ನು ನಡೆಸಲಾಗುವುದು ಎಂದು ಕನ್ನಡ ಮತ್ತು ಸಂಸ್ಕೃತಿ ಇಲಾಖೆಯ ಸಹಾಯಕ ನಿರ್ದೇಶಕ ಕಛೇರಿ ಕೆ.ವಿಜಯ್ ತಿಳಿಸಿದ್ದಾರೆ.
PRINTED BY: T.S.KRISHNAMURTHY, ANJANADRI PRINTERS, 4th CROSS, VINAYAKA NAGARA, TUMAKURU-572101. KARNATAKA, PUBLISHED BY: MANJUNATHA.P.N., S.L.N.BUILDING, KEMPEGOWDA ROAD, AMARAJHOTHYNAGARA, TUMKUR DISTRIKARNATAKA. OWNED BY: MANJUNATHA.P.N., S.L.N.BUILDING, KEMPEGOWDA ROAD, AMARAJHOTHY NAGARA, TUMKUR DISTRICT. KARNATAKA.. PRINTED AT: ANJANADRI PRINTERS, 4th CROSS, VINAYAKA NAGARA, TUMAKURU-572101. KARNATAKA, PUBLISHED AT: TUMAKURU, S.L.N.BUILDING, KEMPEGOWDA ROAD, AMARAJHOTHY NAGARA, TUMKUR DISTRICT. KARNATAKA. EDITOR: MANJUNATHA P.N, S.L.N.BUILDING, KEMPEGOWDA ROAD, AMARAJHOTHY NAGARA, TUMKUR DISTRICT. KARNATAKA.
